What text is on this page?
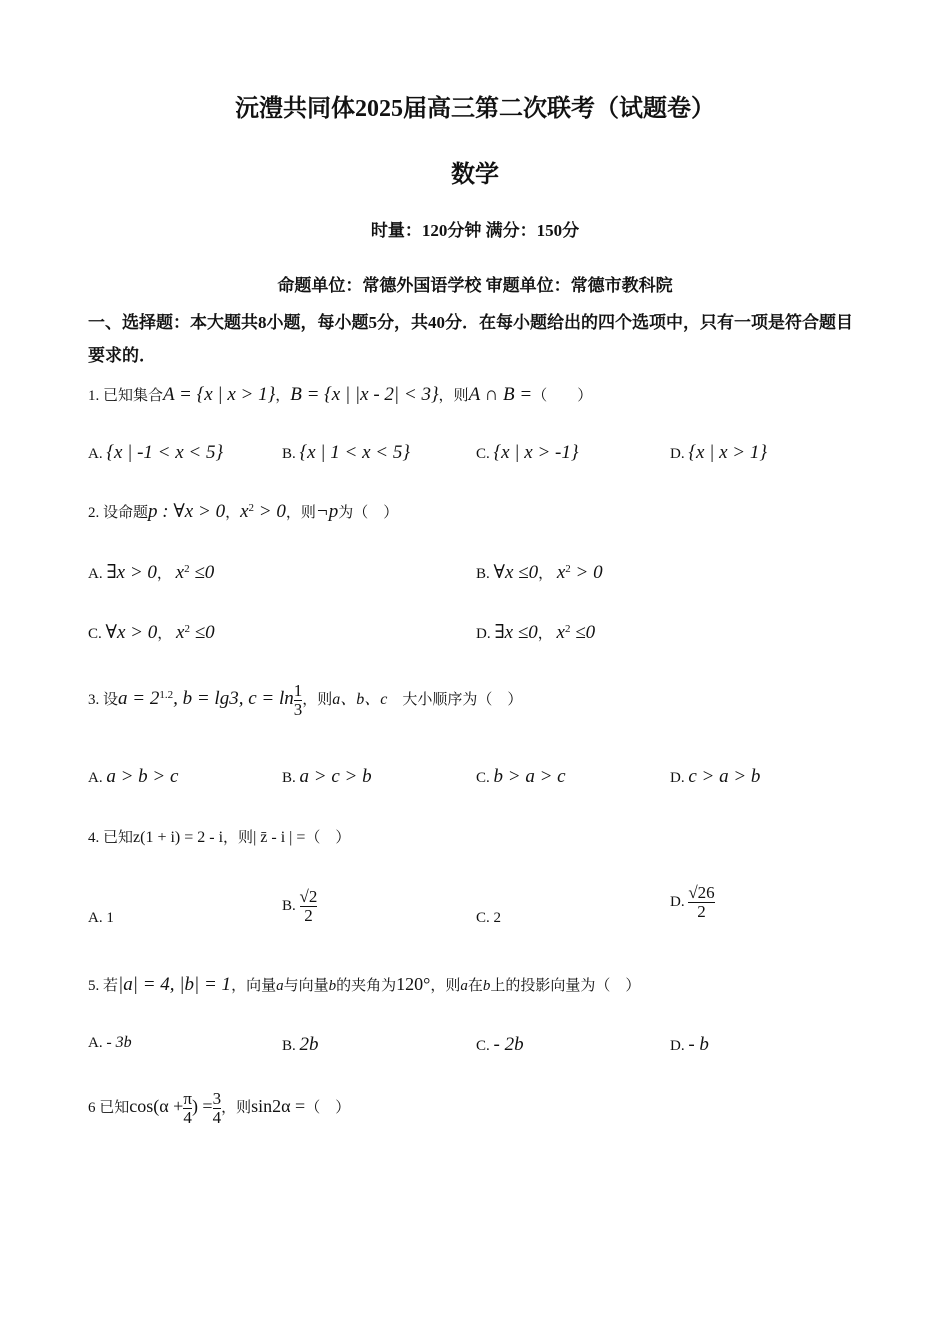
沅澧共同体2025届高三第二次联考（试题卷）
数学
时量：120分钟 满分：150分
命题单位：常德外国语学校 审题单位：常德市教科院
一、选择题：本大题共8小题，每小题5分，共40分．在每小题给出的四个选项中，只有一项是符合题目要求的．
1. 已知集合A = {x | x > 1}，B = {x | |x - 2| < 3}，则A ∩ B =（　　）
A. {x | -1 < x < 5}	B. {x | 1 < x < 5}	C. {x | x > -1}	D. {x | x > 1}
2. 设命题p : ∀x > 0，$x^2 > 0$，则¬p为（　）
A. ∃x > 0， $x^2 \le 0$	B. ∀x ≤0， $x^2 > 0$
C. ∀x > 0， $x^2 \le 0$	D. ∃x ≤0， $x^2 \le 0$
3. 设$a = 2^{1.2}$, b = lg3, $c = \ln \frac{1}{3}$ ，则a、b、c　 大小顺序为（　）
A. a > b > c	B. a > c > b	C. b > a > c	D. c > a > b
4. 已知z(1 + i) = 2 - i，则| z̄ - i | =（　）
A. 1
B. $\frac{√2}{2}$	C. 2
D. $\frac{√26}{2}$
5. 若|a| = 4, |b| = 1，向量a与向量b的夹角为120°，则a在b上的投影向量为（　）
A. - 3b	B. 2b	C. - 2b	D. - b
6 已知$\cos(\alpha + \frac{\pi}{4}$ ) = $\frac{3}{4}$ ，则sin2α =（　）
